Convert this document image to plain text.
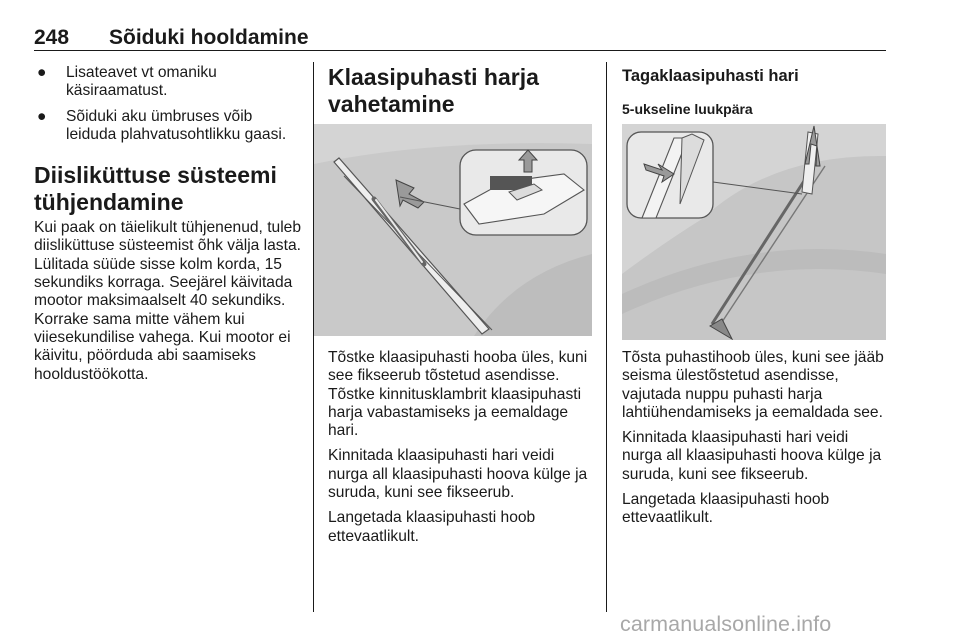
248 Sõiduki hooldamine
● Lisateavet vt omaniku käsiraamatust.
● Sõiduki aku ümbruses võib leiduda plahvatusohtlikku gaasi.
Diisliküttuse süsteemi tühjendamine

Kui paak on täielikult tühjenenud, tuleb diisliküttuse süsteemist õhk välja lasta. Lülitada süüde sisse kolm korda, 15 sekundiks korraga. Seejärel käivitada mootor maksimaalselt 40 sekundiks. Korrake sama mitte vähem kui viiesekundilise vahega. Kui mootor ei käivitu, pöörduda abi saamiseks hooldustöökotta.

Klaasipuhasti harja vahetamine

Tõstke klaasipuhasti hooba üles, kuni see fikseerub tõstetud asendisse. Tõstke kinnitusklambrit klaasipuhasti harja vabastamiseks ja eemaldage hari.

Kinnitada klaasipuhasti hari veidi nurga all klaasipuhasti hoova külge ja suruda, kuni see fikseerub.

Langetada klaasipuhasti hoob ettevaatlikult.

Tagaklaasipuhasti hari
5-ukseline luukpära

Tõsta puhastihoob üles, kuni see jääb seisma ülestõstetud asendisse, vajutada nuppu puhasti harja lahtiühendamiseks ja eemaldada see.

Kinnitada klaasipuhasti hari veidi nurga all klaasipuhasti hoova külge ja suruda, kuni see fikseerub.

Langetada klaasipuhasti hoob ettevaatlikult.

carmanualsonline.info
